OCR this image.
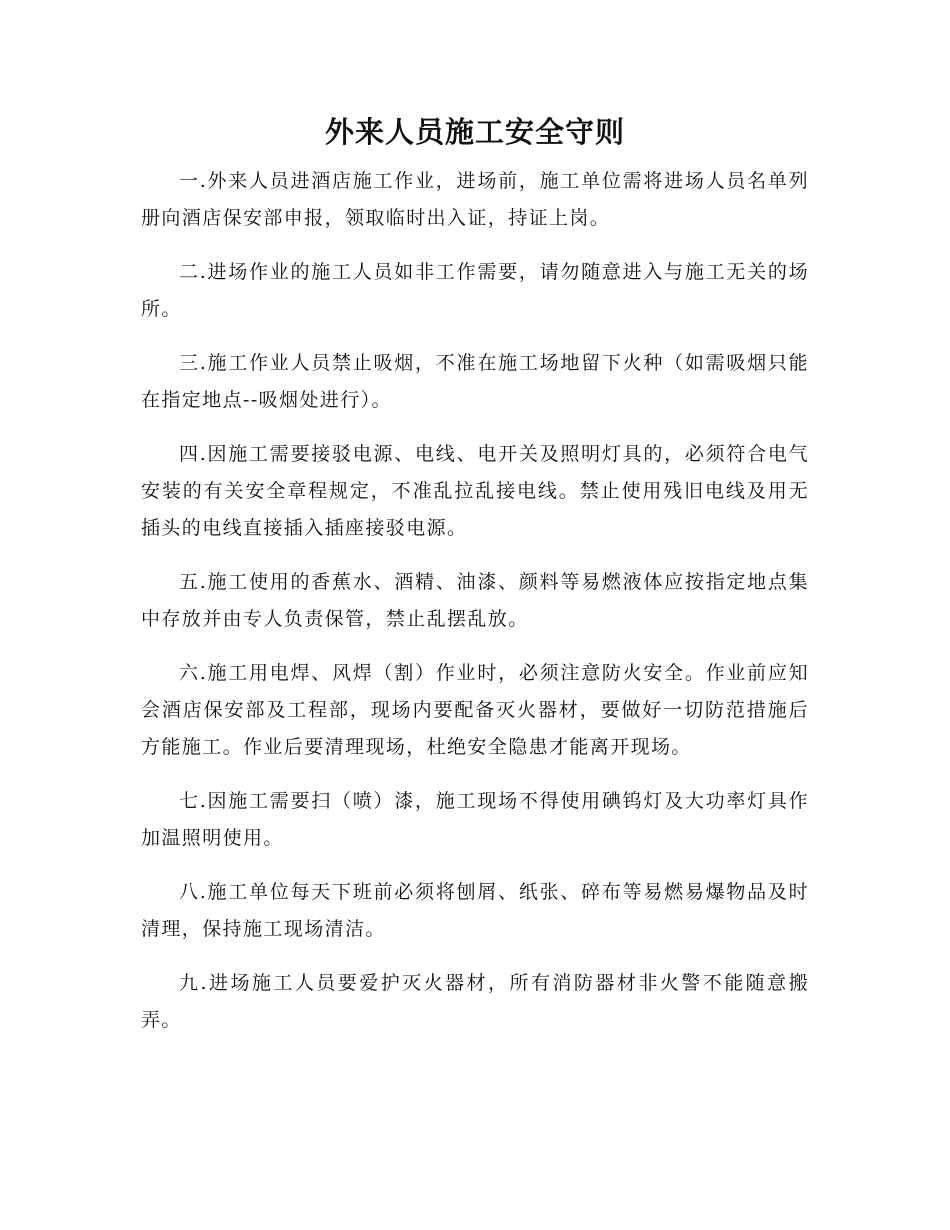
外来人员施工安全守则

一.外来人员进酒店施工作业，进场前，施工单位需将进场人员名单列册向酒店保安部申报，领取临时出入证，持证上岗。

二.进场作业的施工人员如非工作需要，请勿随意进入与施工无关的场所。

三.施工作业人员禁止吸烟，不准在施工场地留下火种（如需吸烟只能在指定地点--吸烟处进行）。

四.因施工需要接驳电源、电线、电开关及照明灯具的，必须符合电气安装的有关安全章程规定，不准乱拉乱接电线。禁止使用残旧电线及用无插头的电线直接插入插座接驳电源。

五.施工使用的香蕉水、酒精、油漆、颜料等易燃液体应按指定地点集中存放并由专人负责保管，禁止乱摆乱放。

六.施工用电焊、风焊（割）作业时，必须注意防火安全。作业前应知会酒店保安部及工程部，现场内要配备灭火器材，要做好一切防范措施后方能施工。作业后要清理现场，杜绝安全隐患才能离开现场。

七.因施工需要扫（喷）漆，施工现场不得使用碘钨灯及大功率灯具作加温照明使用。

八.施工单位每天下班前必须将刨屑、纸张、碎布等易燃易爆物品及时清理，保持施工现场清洁。

九.进场施工人员要爱护灭火器材，所有消防器材非火警不能随意搬弄。
